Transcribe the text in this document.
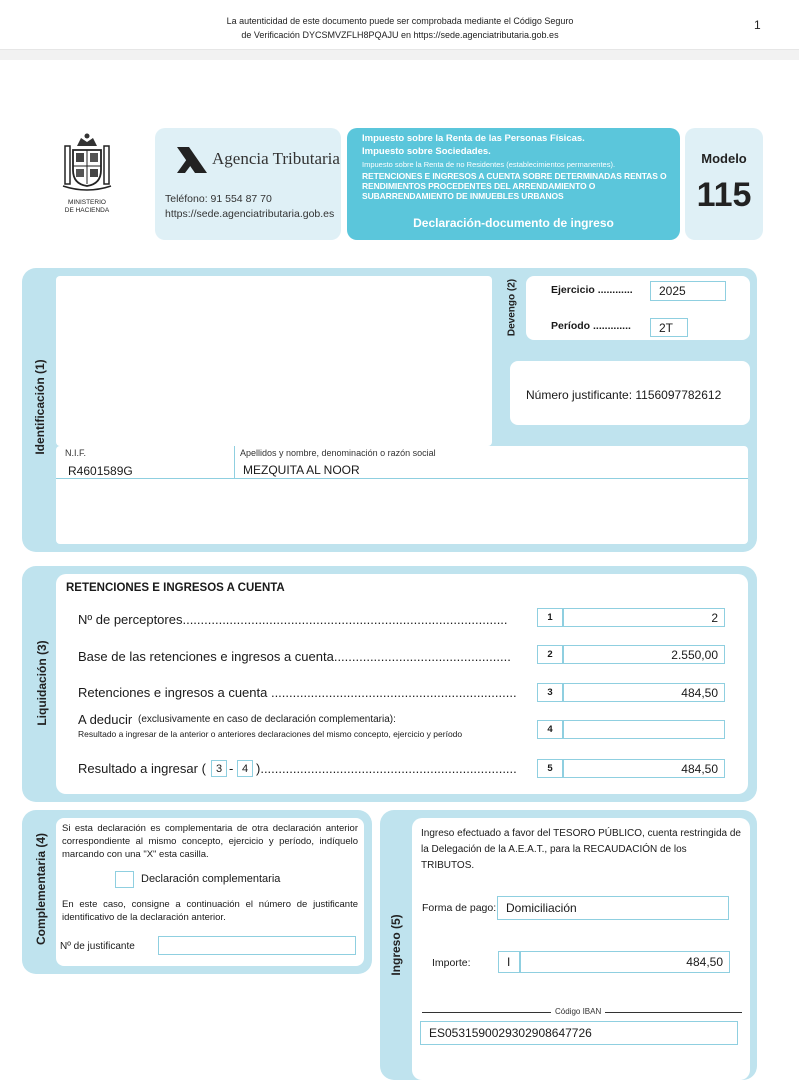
La autenticidad de este documento puede ser comprobada mediante el Código Seguro
de Verificación DYCSMVZFLH8PQAJU en https://sede.agenciatributaria.gob.es
1
MINISTERIO
DE HACIENDA
Agencia Tributaria
Teléfono: 91 554 87 70
https://sede.agenciatributaria.gob.es
Impuesto sobre la Renta de las Personas Físicas.
Impuesto sobre Sociedades.
Impuesto sobre la Renta de no Residentes (establecimientos permanentes).
RETENCIONES E INGRESOS A CUENTA SOBRE DETERMINADAS RENTAS O RENDIMIENTOS PROCEDENTES DEL ARRENDAMIENTO O SUBARRENDAMIENTO DE INMUEBLES URBANOS
Declaración-documento de ingreso
Modelo
115
Identificación (1) N.I.F.
R4601589G
Apellidos y nombre, denominación o razón social
MEZQUITA AL NOOR
Devengo (2)	Ejercicio ............	2025
Período .............	2T
Número justificante: 1156097782612
Liquidación (3)
RETENCIONES E INGRESOS A CUENTA
Nº de perceptores..........................................................................................	1	2
Base de las retenciones e ingresos a cuenta.................................................	2	2.550,00
Retenciones e ingresos a cuenta ....................................................................	3	484,50
A deducir (exclusivamente en caso de declaración complementaria):
Resultado a ingresar de la anterior o anteriores declaraciones del mismo concepto, ejercicio y período	4
Resultado a ingresar ( 3 - 4 ).......................................................................	5	484,50
Complementaria (4)
Si esta declaración es complementaria de otra declaración anterior correspondiente al mismo concepto, ejercicio y período, indíquelo marcando con una "X" esta casilla.
Declaración complementaria
En este caso, consigne a continuación el número de justificante identificativo de la declaración anterior.
Nº de justificante	Ingreso (5)
Ingreso efectuado a favor del TESORO PÚBLICO, cuenta restringida de la Delegación de la A.E.A.T., para la RECAUDACIÓN de los TRIBUTOS.
Forma de pago: Domiciliación
Importe:	I	484,50
Código IBAN
ES0531590029302908647726
